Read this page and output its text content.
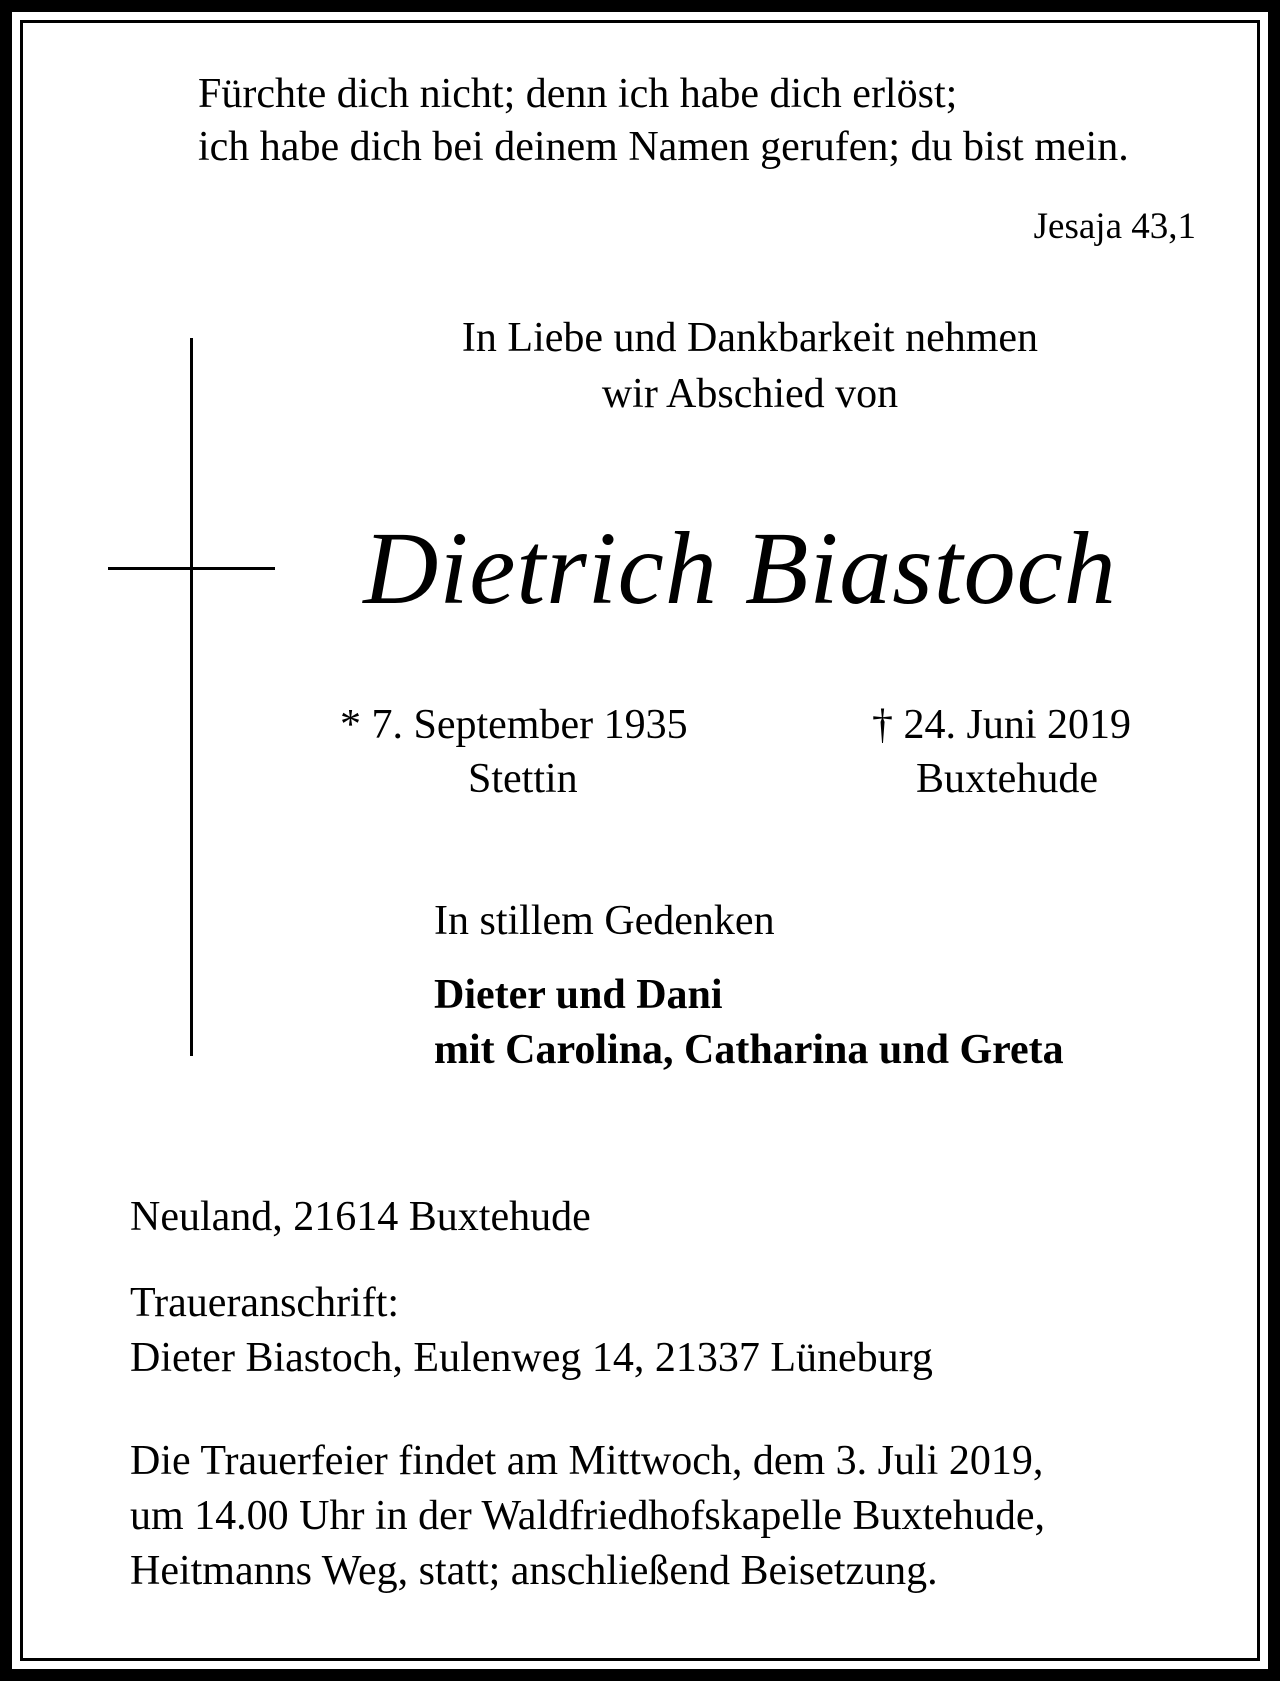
Fürchte dich nicht; denn ich habe dich erlöst;
ich habe dich bei deinem Namen gerufen; du bist mein.
Jesaja 43,1
In Liebe und Dankbarkeit nehmen
wir Abschied von
Dietrich Biastoch
* 7. September 1935
Stettin
† 24. Juni 2019
Buxtehude
In stillem Gedenken
Dieter und Dani
mit Carolina, Catharina und Greta
Neuland, 21614 Buxtehude
Traueranschrift:
Dieter Biastoch, Eulenweg 14, 21337 Lüneburg
Die Trauerfeier findet am Mittwoch, dem 3. Juli 2019,
um 14.00 Uhr in der Waldfriedhofskapelle Buxtehude,
Heitmanns Weg, statt; anschließend Beisetzung.
